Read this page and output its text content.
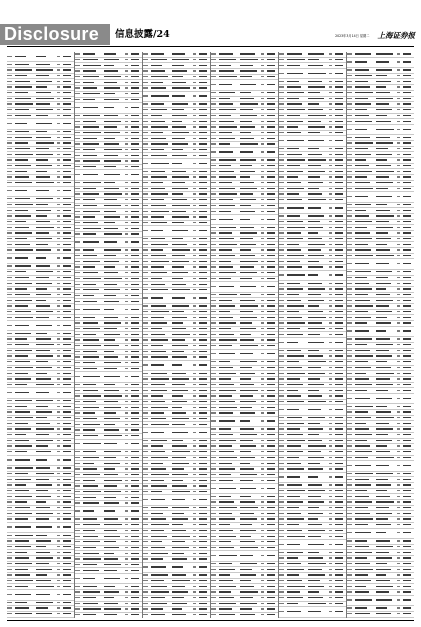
Disclosure 信息披露/24	2023年3月14日 星期二 上海证券报
